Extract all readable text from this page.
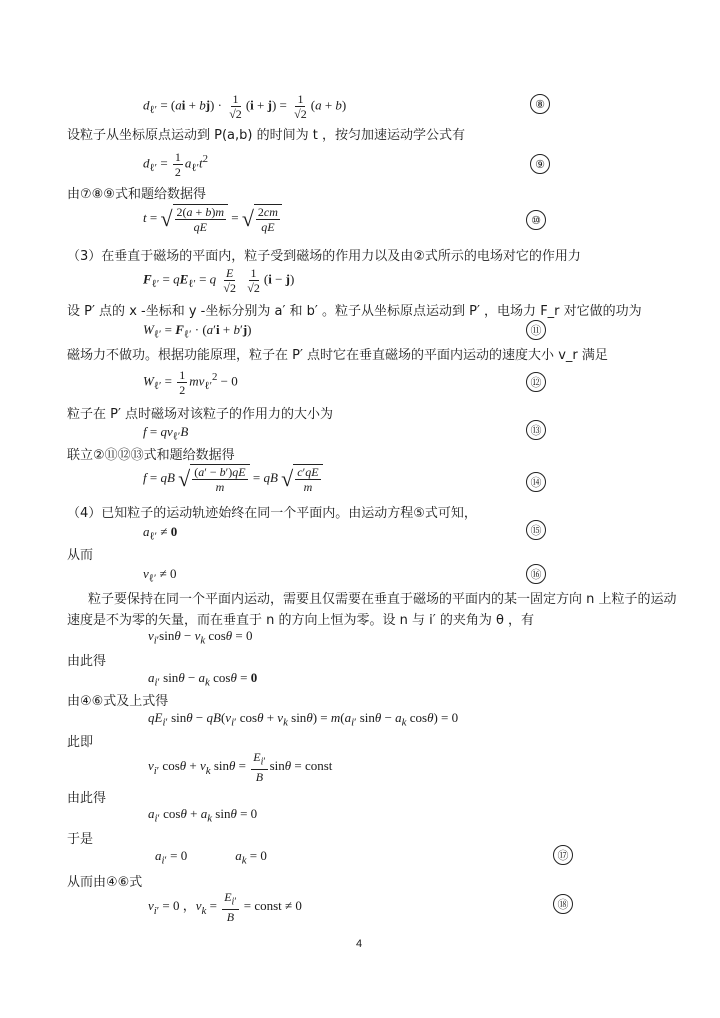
$d_{\ell'} = (ai + bj) \cdot \frac{1}{√2} (i + j) = \frac{1}{√2} (a + b)$	⑧
设粒子从坐标原点运动到 P(a,b) 的时间为 t ，按匀加速运动学公式有
$d_{\ell'} = \frac{1}{2} a_{\ell'}t^2$	⑨
由⑦⑧⑨式和题给数据得
t = √ $\frac{2(a + b)m}{qE}$ = √ $\frac{2cm}{qE}$	⑩
（3）在垂直于磁场的平面内，粒子受到磁场的作用力以及由②式所示的电场对它的作用力
$F_{\ell'} = qE_{\ell'} = q \frac{E}{√2}$
$\frac{1}{√2} (i - j)$
设 P′ 点的 x -坐标和 y -坐标分别为 a′ 和 b′ 。粒子从坐标原点运动到 P′ ，电场力 F_r 对它做的功为
$W_{\ell'} = F_{\ell'} \cdot (a'i + b'j)$	⑪
磁场力不做功。根据功能原理，粒子在 P′ 点时它在垂直磁场的平面内运动的速度大小 v_r 满足
$W_{\ell'} = \frac{1}{2} mv_{\ell'}^2 - 0$	⑫
粒子在 P′ 点时磁场对该粒子的作用力的大小为
$f = qv_{\ell'}B$	⑬
联立②⑪⑫⑬式和题给数据得
f = qB √ $\frac{(a' - b')qE}{m}$ = qB √ $\frac{c'qE}{m}$	⑭
（4）已知粒子的运动轨迹始终在同一个平面内。由运动方程⑤式可知，
$a_{\ell'} \ne 0$	⑮
从而
$v_{\ell'} \ne 0$	⑯
粒子要保持在同一个平面内运动，需要且仅需要在垂直于磁场的平面内的某一固定方向 n 上粒子的运动
速度是不为零的矢量，而在垂直于 n 的方向上恒为零。设 n 与 i′ 的夹角为 θ ，有
$v_{i'}\sin\theta - v_k$ cosθ = 0
由此得
$a_{i'}$ $\sin\theta - a_k$ cosθ = 0
由④⑥式及上式得
$qE_{i'}$ $\sin\theta - qB(v_{i'}$ $\cos\theta + v_k$ $\sin\theta) = m(a_{i'}$ $\sin\theta - a_k$ cosθ) = 0
此即
$v_{i'}$ $\cos\theta + v_k$ $\sin\theta = \frac{E_{i'}}{B}$ sinθ = const
由此得
$a_{i'}$ $\cos\theta + a_k$ sinθ = 0
于是
$a_{i'} = 0$	$a_k = 0$	⑰
从而由④⑥式
$v_{i'} = 0$ ，$v_k = \frac{E_{i'}}{B}$ = const ≠ 0	⑱
4
